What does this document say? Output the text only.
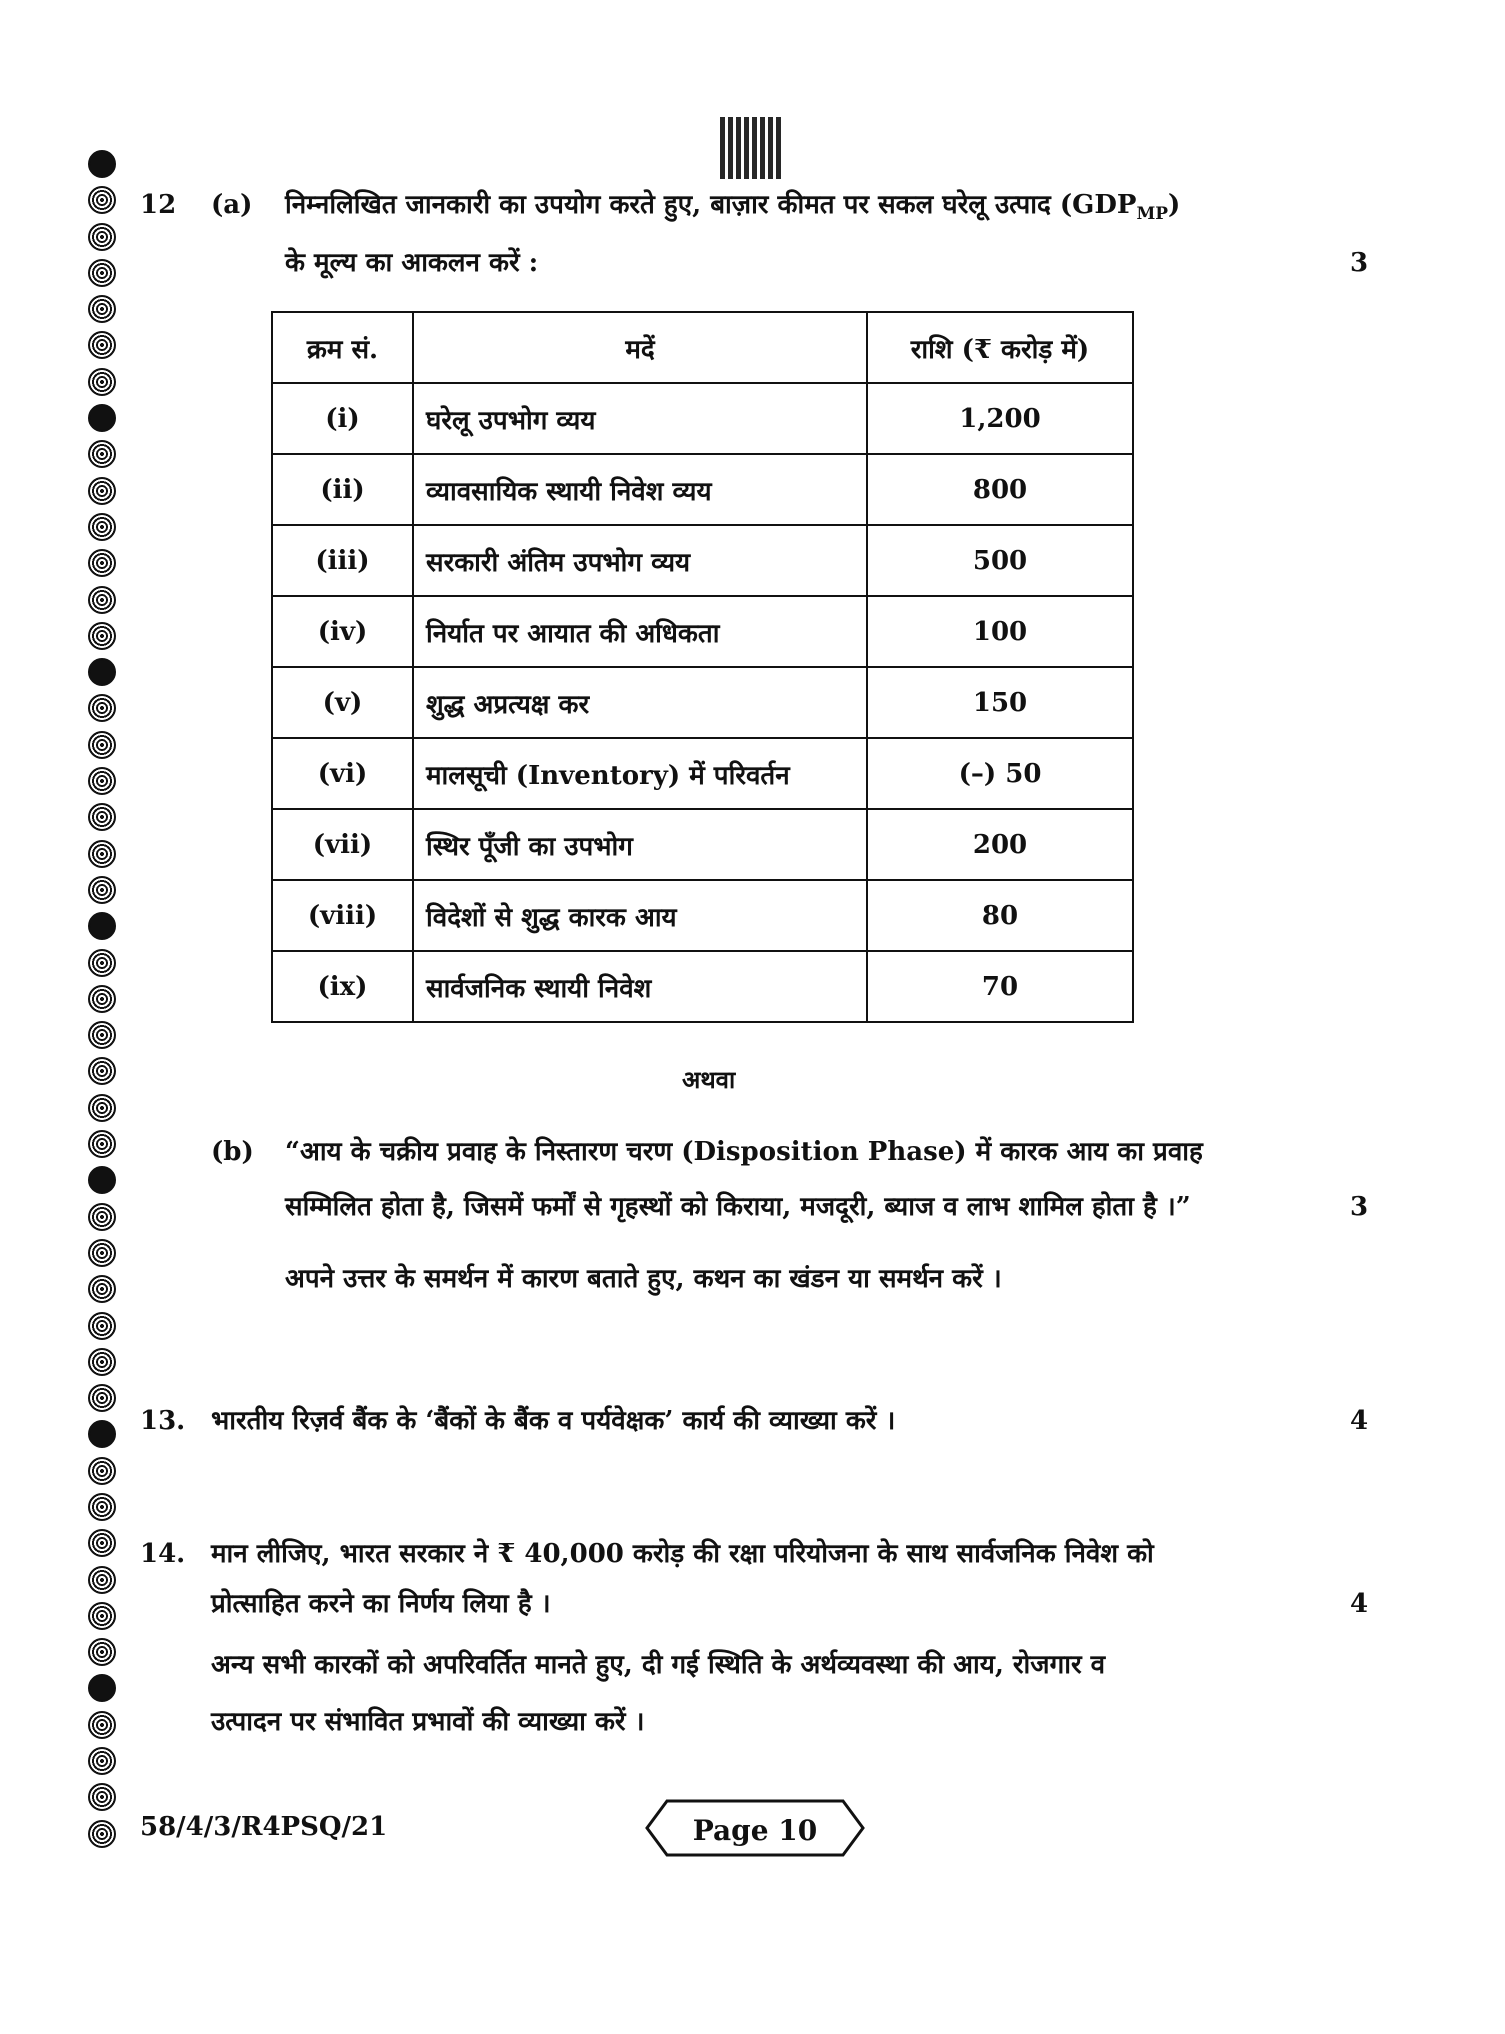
12 (a) निम्नलिखित जानकारी का उपयोग करते हुए, बाज़ार कीमत पर सकल घरेलू उत्पाद $(GDP_{MP})$
के मूल्य का आकलन करें :	3
क्रम सं.	मदें	राशि (₹ करोड़ में)
(i)	घरेलू उपभोग व्यय	1,200
(ii)	व्यावसायिक स्थायी निवेश व्यय	800
(iii)	सरकारी अंतिम उपभोग व्यय	500
(iv)	निर्यात पर आयात की अधिकता	100
(v)	शुद्ध अप्रत्यक्ष कर	150
(vi)	मालसूची (Inventory) में परिवर्तन	(–) 50
(vii)	स्थिर पूँजी का उपभोग	200
(viii)	विदेशों से शुद्ध कारक आय	80
(ix)	सार्वजनिक स्थायी निवेश	70
अथवा
(b) “आय के चक्रीय प्रवाह के निस्तारण चरण (Disposition Phase) में कारक आय का प्रवाह
सम्मिलित होता है, जिसमें फर्मों से गृहस्थों को किराया, मजदूरी, ब्याज व लाभ शामिल होता है ।”	3
अपने उत्तर के समर्थन में कारण बताते हुए, कथन का खंडन या समर्थन करें ।
13. भारतीय रिज़र्व बैंक के ‘बैंकों के बैंक व पर्यवेक्षक’ कार्य की व्याख्या करें ।	4
14. मान लीजिए, भारत सरकार ने ₹ 40,000 करोड़ की रक्षा परियोजना के साथ सार्वजनिक निवेश को
प्रोत्साहित करने का निर्णय लिया है ।	4
अन्य सभी कारकों को अपरिवर्तित मानते हुए, दी गई स्थिति के अर्थव्यवस्था की आय, रोजगार व
उत्पादन पर संभावित प्रभावों की व्याख्या करें ।
58/4/3/R4PSQ/21	Page 10
